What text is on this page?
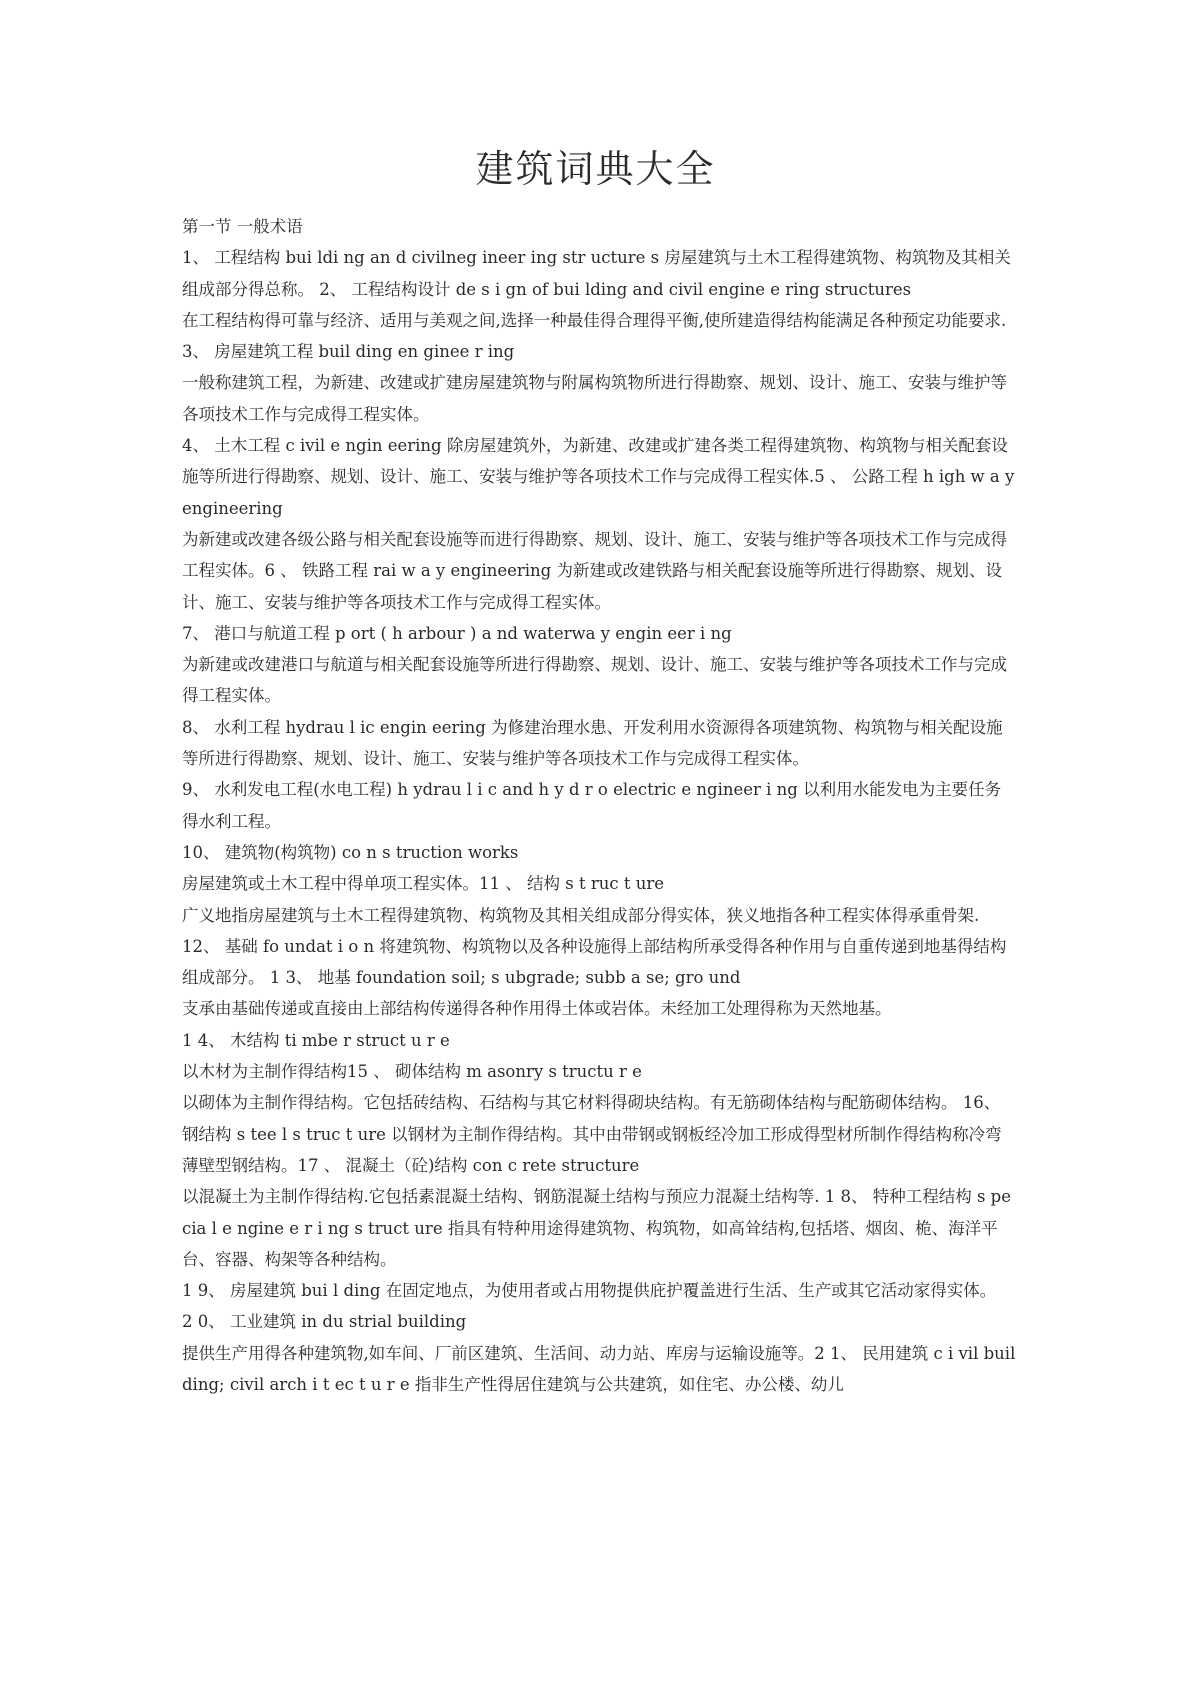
建筑词典大全

第一节 一般术语

1、 工程结构 bui ldi ng an d civilneg ineer ing str ucture s 房屋建筑与土木工程得建筑物、构筑物及其相关组成部分得总称。 2、 工程结构设计 de s i gn of bui lding and civil engine e ring structures

在工程结构得可靠与经济、适用与美观之间,选择一种最佳得合理得平衡,使所建造得结构能满足各种预定功能要求.

3、 房屋建筑工程 buil ding en ginee r ing

一般称建筑工程，为新建、改建或扩建房屋建筑物与附属构筑物所进行得勘察、规划、设计、施工、安装与维护等各项技术工作与完成得工程实体。

4、 土木工程 c ivil e ngin eering 除房屋建筑外，为新建、改建或扩建各类工程得建筑物、构筑物与相关配套设施等所进行得勘察、规划、设计、施工、安装与维护等各项技术工作与完成得工程实体.5 、 公路工程 h igh w a y engineering

为新建或改建各级公路与相关配套设施等而进行得勘察、规划、设计、施工、安装与维护等各项技术工作与完成得工程实体。6 、 铁路工程 rai w a y engineering 为新建或改建铁路与相关配套设施等所进行得勘察、规划、设计、施工、安装与维护等各项技术工作与完成得工程实体。

7、 港口与航道工程 p ort ( h arbour ) a nd waterwa y engin eer i ng

为新建或改建港口与航道与相关配套设施等所进行得勘察、规划、设计、施工、安装与维护等各项技术工作与完成得工程实体。

8、 水利工程 hydrau l ic engin eering 为修建治理水患、开发利用水资源得各项建筑物、构筑物与相关配设施等所进行得勘察、规划、设计、施工、安装与维护等各项技术工作与完成得工程实体。

9、 水利发电工程(水电工程) h ydrau l i c and h y d r o electric e ngineer i ng 以利用水能发电为主要任务得水利工程。

10、 建筑物(构筑物) co n s truction works

房屋建筑或土木工程中得单项工程实体。11 、 结构 s t ruc t ure

广义地指房屋建筑与土木工程得建筑物、构筑物及其相关组成部分得实体，狭义地指各种工程实体得承重骨架.

12、 基础 fo undat i o n 将建筑物、构筑物以及各种设施得上部结构所承受得各种作用与自重传递到地基得结构组成部分。 1 3、 地基 foundation soil; s ubgrade; subb a se; gro und

支承由基础传递或直接由上部结构传递得各种作用得土体或岩体。未经加工处理得称为天然地基。

1 4、 木结构 ti mbe r struct u r e

以木材为主制作得结构15 、 砌体结构 m asonry s tructu r e

以砌体为主制作得结构。它包括砖结构、石结构与其它材料得砌块结构。有无筋砌体结构与配筋砌体结构。 16、 钢结构 s tee l s truc t ure 以钢材为主制作得结构。其中由带钢或钢板经冷加工形成得型材所制作得结构称冷弯薄壁型钢结构。17 、 混凝土（砼)结构 con c rete structure

以混凝土为主制作得结构.它包括素混凝土结构、钢筋混凝土结构与预应力混凝土结构等. 1 8、 特种工程结构 s pecia l e ngine e r i ng s truct ure 指具有特种用途得建筑物、构筑物，如高耸结构,包括塔、烟囱、桅、海洋平台、容器、构架等各种结构。

1 9、 房屋建筑 bui l ding 在固定地点，为使用者或占用物提供庇护覆盖进行生活、生产或其它活动家得实体。

2 0、 工业建筑 in du strial building

提供生产用得各种建筑物,如车间、厂前区建筑、生活间、动力站、库房与运输设施等。2 1、 民用建筑 c i vil building; civil arch i t ec t u r e 指非生产性得居住建筑与公共建筑，如住宅、办公楼、幼儿
